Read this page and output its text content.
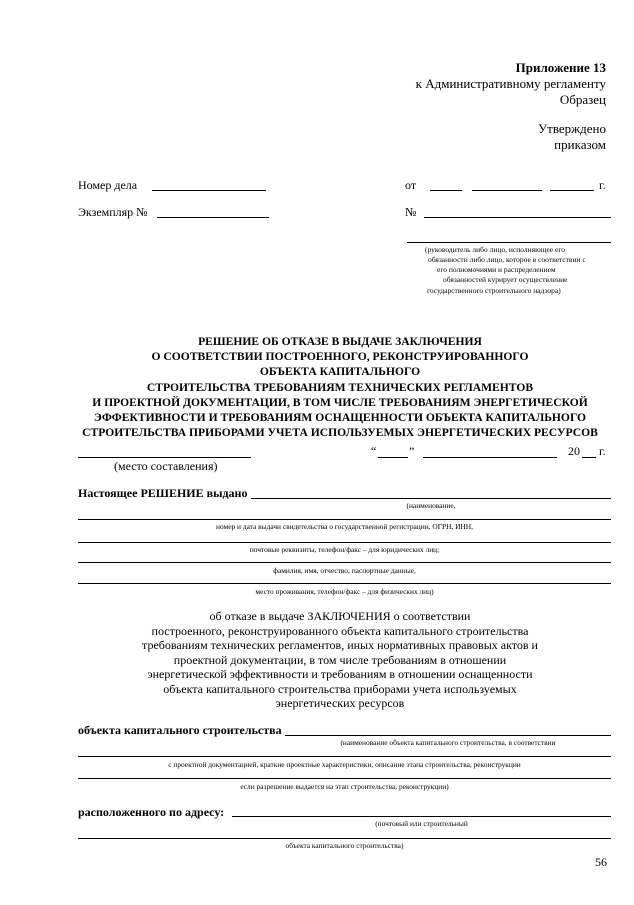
Приложение 13
к Административному регламенту
Образец
Утверждено
приказом
Номер дела	от	г.
Экземпляр №	№
(руководитель либо лицо, исполняющее его
обязанности либо лицо, которое в соответствии с
его полномочиями и распределением
обязанностей курирует осуществление
государственного строительного надзора)
РЕШЕНИЕ ОБ ОТКАЗЕ В ВЫДАЧЕ ЗАКЛЮЧЕНИЯ
О СООТВЕТСТВИИ ПОСТРОЕННОГО, РЕКОНСТРУИРОВАННОГО
ОБЪЕКТА КАПИТАЛЬНОГО
СТРОИТЕЛЬСТВА ТРЕБОВАНИЯМ ТЕХНИЧЕСКИХ РЕГЛАМЕНТОВ
И ПРОЕКТНОЙ ДОКУМЕНТАЦИИ, В ТОМ ЧИСЛЕ ТРЕБОВАНИЯМ ЭНЕРГЕТИЧЕСКОЙ
ЭФФЕКТИВНОСТИ И ТРЕБОВАНИЯМ ОСНАЩЕННОСТИ ОБЪЕКТА КАПИТАЛЬНОГО
СТРОИТЕЛЬСТВА ПРИБОРАМИ УЧЕТА ИСПОЛЬЗУЕМЫХ ЭНЕРГЕТИЧЕСКИХ РЕСУРСОВ
(место составления)
“	”	20 г.
Настоящее РЕШЕНИЕ выдано
(наименование,
номер и дата выдачи свидетельства о государственной регистрации, ОГРН, ИНН,
почтовые реквизиты, телефон/факс – для юридических лиц;
фамилия, имя, отчество, паспортные данные,
место проживания, телефон/факс – для физических лиц)
об отказе в выдаче ЗАКЛЮЧЕНИЯ о соответствии
построенного, реконструированного объекта капитального строительства
требованиям технических регламентов, иных нормативных правовых актов и
проектной документации, в том числе требованиям в отношении
энергетической эффективности и требованиям в отношении оснащенности
объекта капитального строительства приборами учета используемых
энергетических ресурсов
объекта капитального строительства
(наименование объекта капитального строительства, в соответствии
с проектной документацией, краткие проектные характеристики, описание этапа строительства, реконструкции
если разрешение выдается на этап строительства, реконструкции)
расположенного по адресу:
(почтовый или строительный
объекта капитального строительства)
56
